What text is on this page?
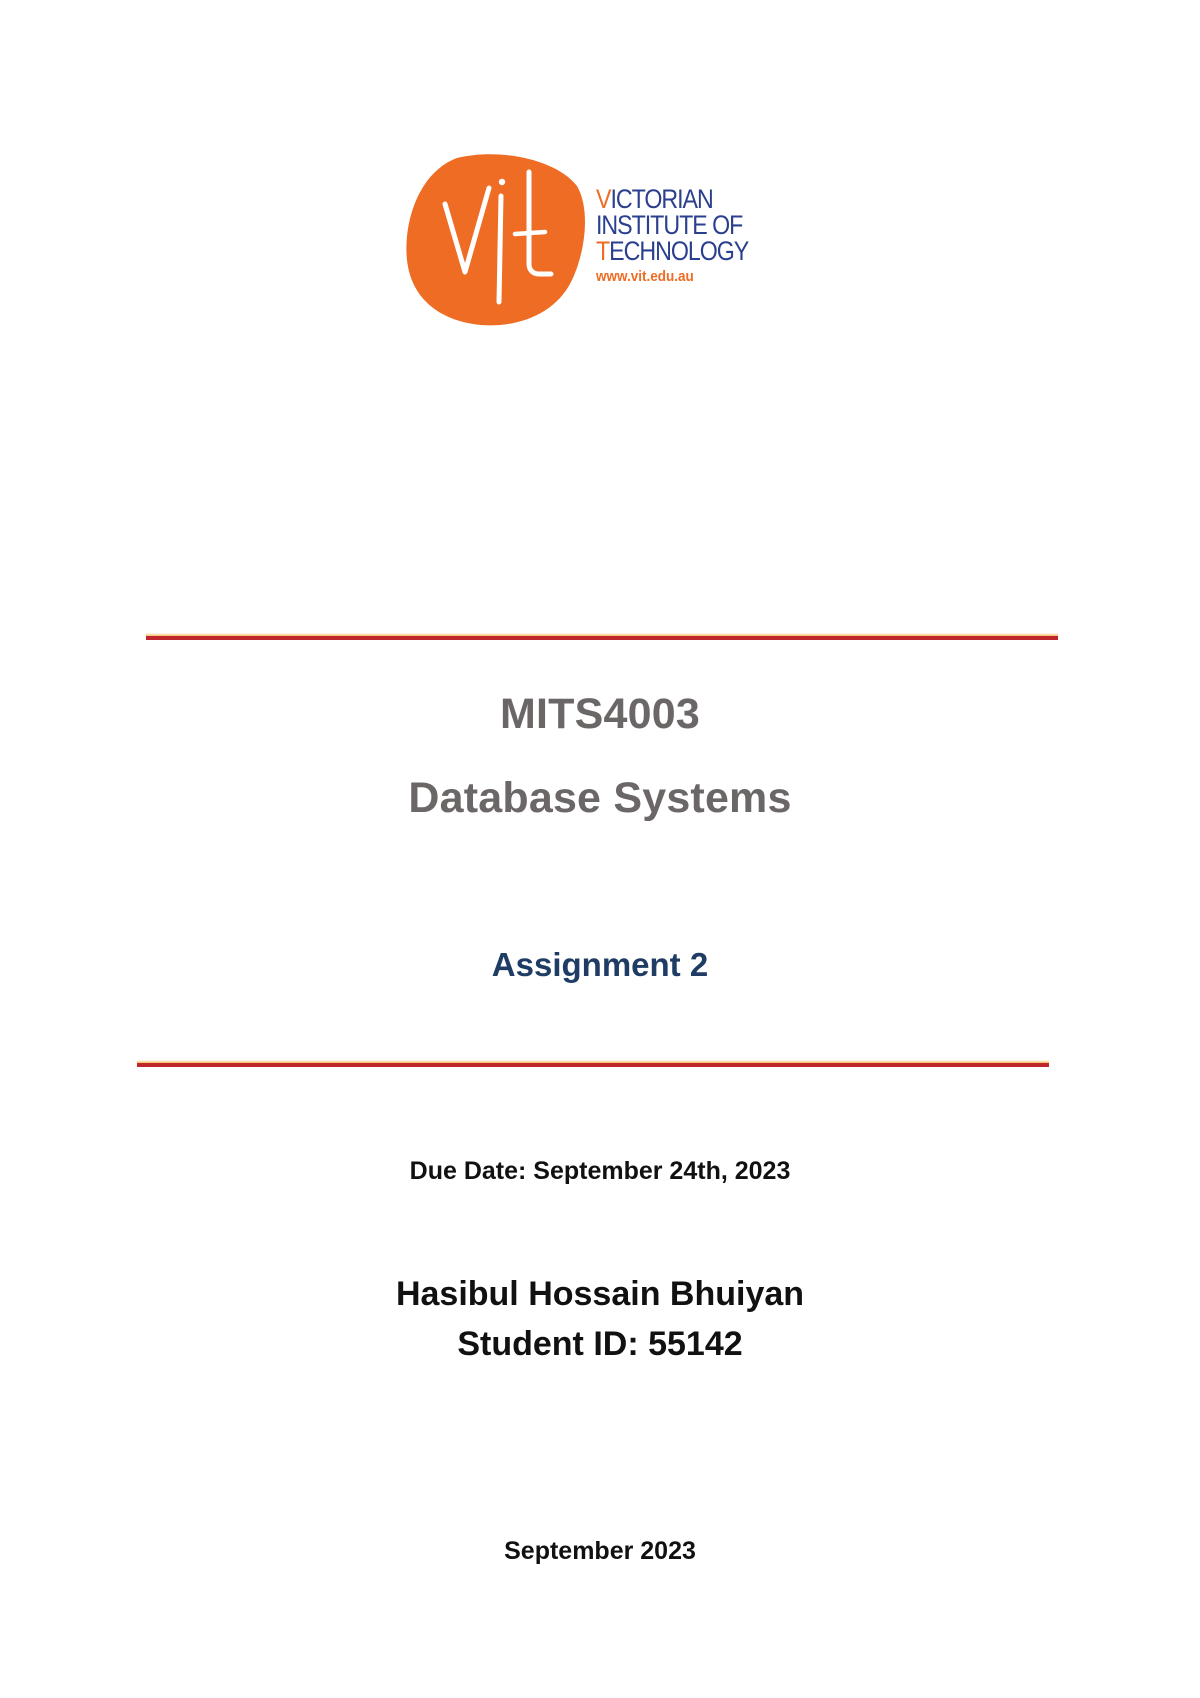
VICTORIAN
INSTITUTE OF
TECHNOLOGY
www.vit.edu.au
MITS4003
Database Systems
Assignment 2
Due Date: September 24th, 2023
Hasibul Hossain Bhuiyan
Student ID: 55142
September 2023
